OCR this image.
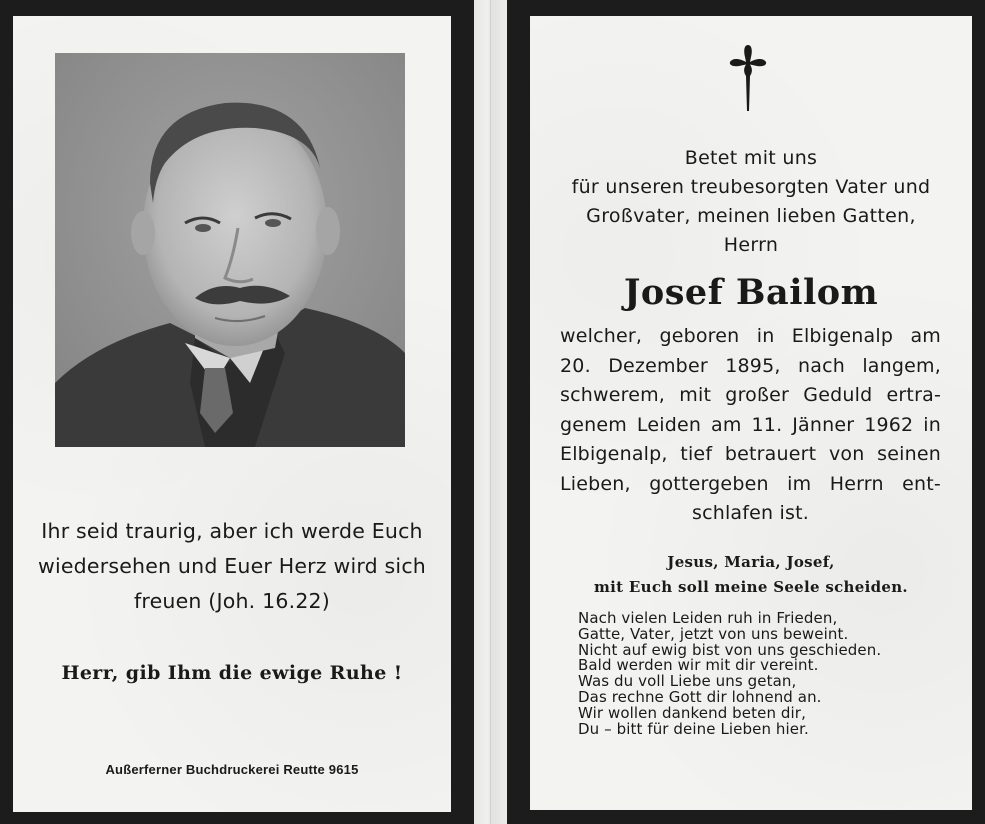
Ihr seid traurig, aber ich werde Euch
wiedersehen und Euer Herz wird sich
freuen (Joh. 16.22)
Herr, gib Ihm die ewige Ruhe !
Außerferner Buchdruckerei Reutte 9615
Betet mit uns
für unseren treubesorgten Vater und
Großvater, meinen lieben Gatten,
Herrn
Josef Bailom
welcher, geboren in Elbigenalp am
20. Dezember 1895, nach langem,
schwerem, mit großer Geduld ertra-
genem Leiden am 11. Jänner 1962 in
Elbigenalp, tief betrauert von seinen
Lieben, gottergeben im Herrn ent-
schlafen ist.
Jesus, Maria, Josef,
mit Euch soll meine Seele scheiden.
Nach vielen Leiden ruh in Frieden,
Gatte, Vater, jetzt von uns beweint.
Nicht auf ewig bist von uns geschieden.
Bald werden wir mit dir vereint.
Was du voll Liebe uns getan,
Das rechne Gott dir lohnend an.
Wir wollen dankend beten dir,
Du – bitt für deine Lieben hier.
